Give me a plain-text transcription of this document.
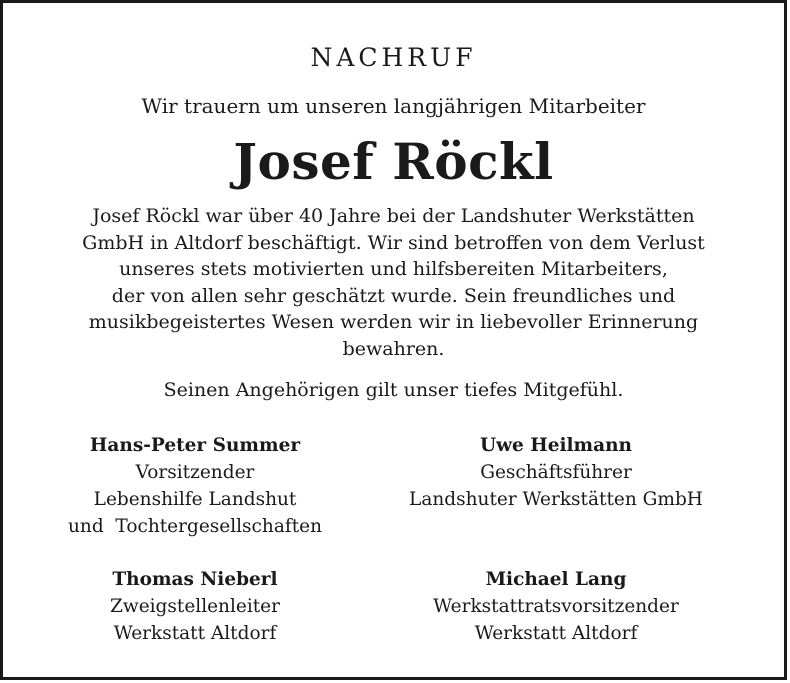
NACHRUF
Wir trauern um unseren langjährigen Mitarbeiter
Josef Röckl
Josef Röckl war über 40 Jahre bei der Landshuter Werkstätten
GmbH in Altdorf beschäftigt. Wir sind betroffen von dem Verlust
unseres stets motivierten und hilfsbereiten Mitarbeiters,
der von allen sehr geschätzt wurde. Sein freundliches und
musikbegeistertes Wesen werden wir in liebevoller Erinnerung
bewahren.
Seinen Angehörigen gilt unser tiefes Mitgefühl.
Hans-Peter Summer
Vorsitzender
Lebenshilfe Landshut
und  Tochtergesellschaften
Uwe Heilmann
Geschäftsführer
Landshuter Werkstätten GmbH
Thomas Nieberl
Zweigstellenleiter
Werkstatt Altdorf
Michael Lang
Werkstattratsvorsitzender
Werkstatt Altdorf
